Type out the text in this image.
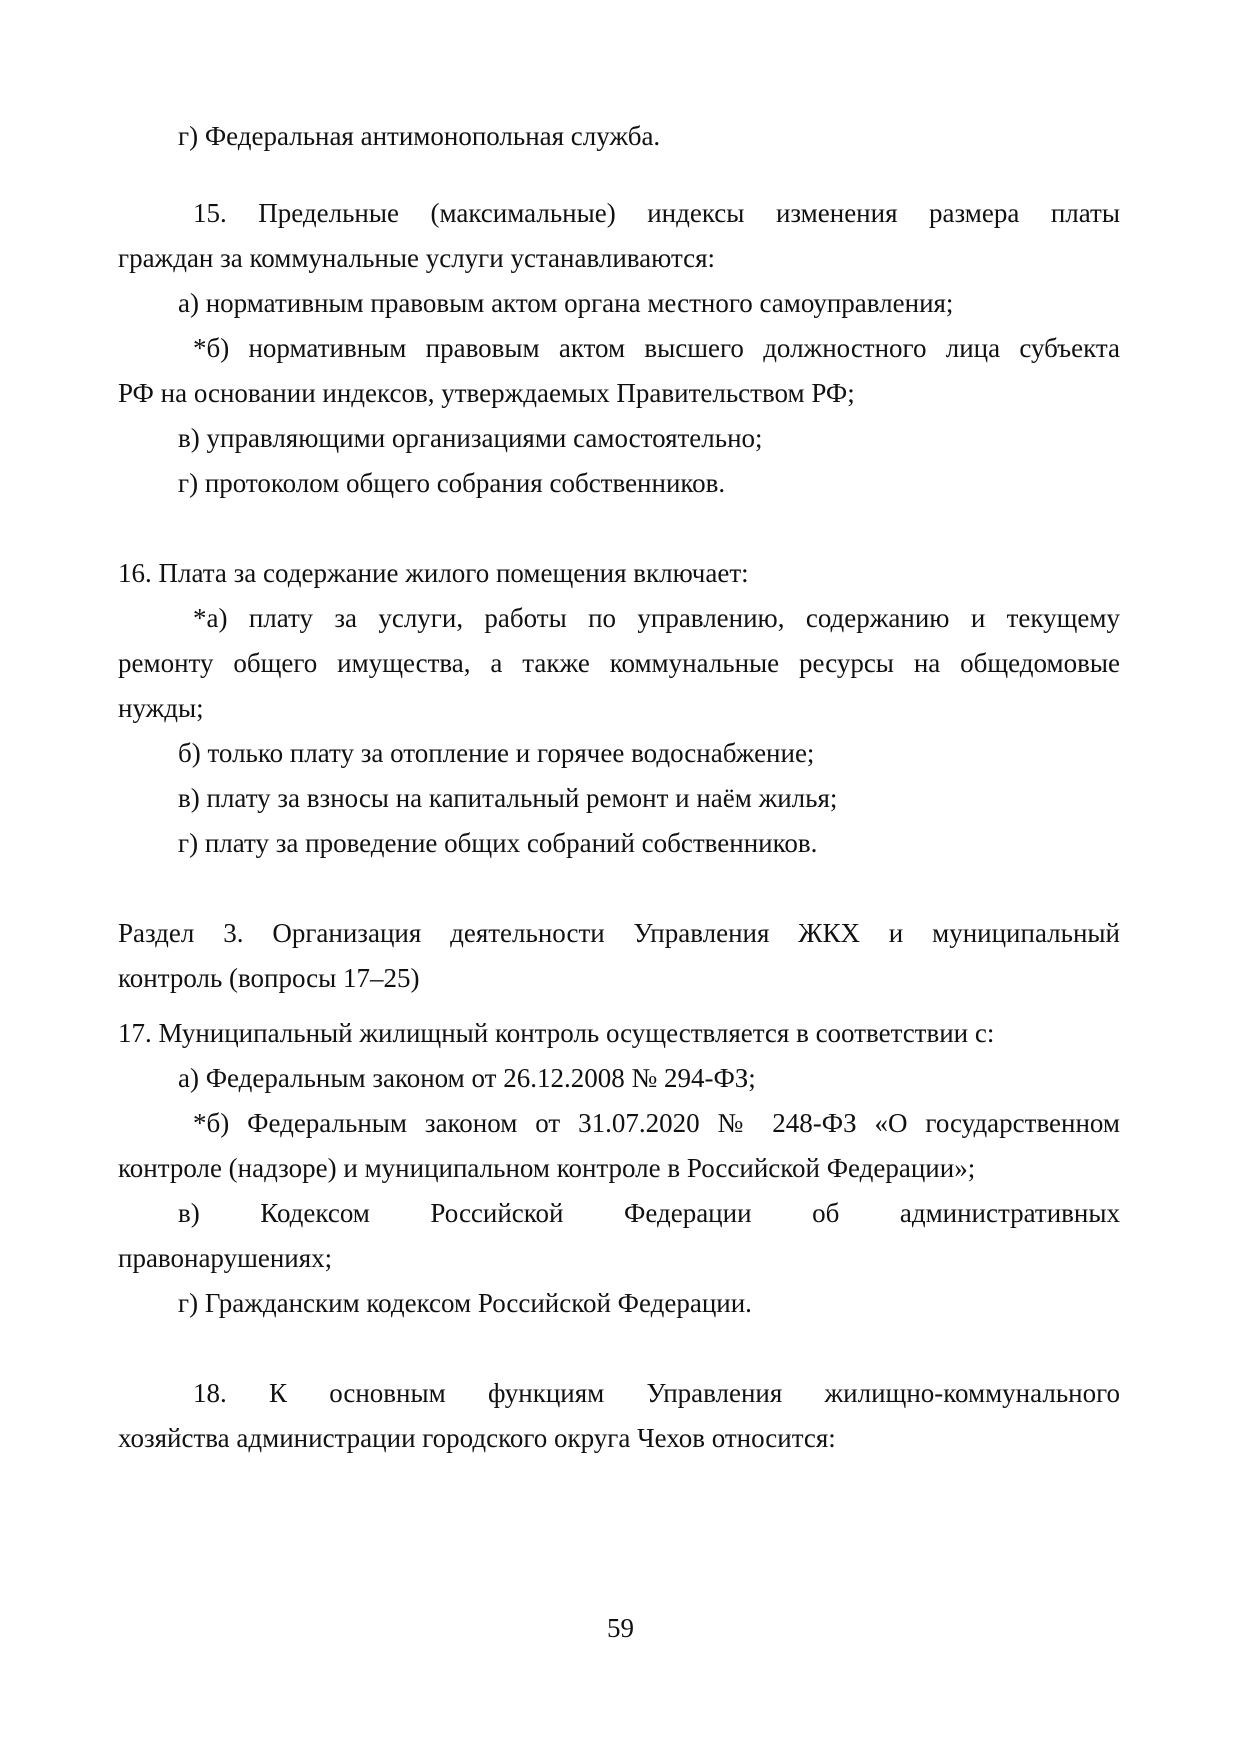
г) Федеральная антимонопольная служба.
15. Предельные (максимальные) индексы изменения размера платы
граждан за коммунальные услуги устанавливаются:
а) нормативным правовым актом органа местного самоуправления;
*б) нормативным правовым актом высшего должностного лица субъекта
РФ на основании индексов, утверждаемых Правительством РФ;
в) управляющими организациями самостоятельно;
г) протоколом общего собрания собственников.
16. Плата за содержание жилого помещения включает:
*а) плату за услуги, работы по управлению, содержанию и текущему
ремонту общего имущества, а также коммунальные ресурсы на общедомовые
нужды;
б) только плату за отопление и горячее водоснабжение;
в) плату за взносы на капитальный ремонт и наём жилья;
г) плату за проведение общих собраний собственников.
Раздел 3. Организация деятельности Управления ЖКХ и муниципальный
контроль (вопросы 17–25)
17. Муниципальный жилищный контроль осуществляется в соответствии с:
а) Федеральным законом от 26.12.2008 № 294-ФЗ;
*б) Федеральным законом от 31.07.2020 № 248-ФЗ «О государственном
контроле (надзоре) и муниципальном контроле в Российской Федерации»;
в) Кодексом Российской Федерации об административных
правонарушениях;
г) Гражданским кодексом Российской Федерации.
18. К основным функциям Управления жилищно-коммунального
хозяйства администрации городского округа Чехов относится:
59
